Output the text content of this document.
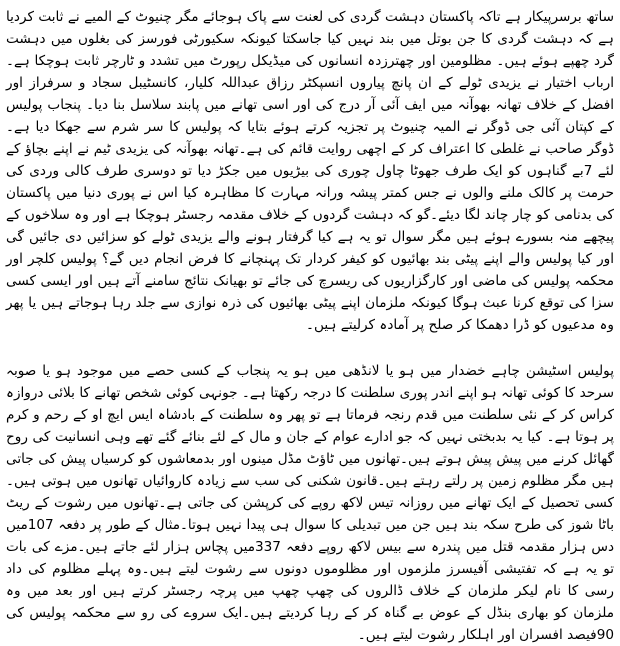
ساتھ برسرپیکار ہے تاکہ پاکستان دہشت گردی کی لعنت سے پاک ہوجائے مگر چنیوٹ کے المیے نے ثابت کردیا ہے کہ دہشت گردی کا جن بوتل میں بند نہیں کیا جاسکتا کیونکہ سکیورٹی فورسز کی بغلوں میں دہشت گرد چھپے ہوئے ہیں۔ مظلومین اور چھترزدہ انسانوں کی میڈیکل رپورٹ میں تشدد و ٹارچر ثابت ہوچکا ہے۔ارباب اختیار نے یزیدی ٹولے کے ان پانچ پیاروں انسپکٹر رزاق عبداللہ کلیار، کانسٹیبل سجاد و سرفراز اور افضل کے خلاف تھانہ بھوآنہ میں ایف آئی آر درج کی اور اسی تھانے میں پابند سلاسل بنا دیا۔ پنجاب پولیس کے کپتان آئی جی ڈوگر نے المیہ چنیوٹ پر تجزیہ کرتے ہوئے بتایا کہ پولیس کا سر شرم سے جھکا دیا ہے۔ ڈوگر صاحب نے غلطی کا اعتراف کر کے اچھی روایت قائم کی ہے۔تھانہ بھوآنہ کی یزیدی ٹیم نے اپنے بچاؤ کے لئے 7بے گناہوں کو ایک طرف جھوٹا چاول چوری کی بیڑیوں میں جکڑ دیا تو دوسری طرف کالی وردی کی حرمت پر کالک ملنے والوں نے جس کمتر پیشہ ورانہ مہارت کا مظاہرہ کیا اس نے پوری دنیا میں پاکستان کی بدنامی کو چار چاند لگا دیئے۔گو کہ دہشت گردوں کے خلاف مقدمہ رجسٹر ہوچکا ہے اور وہ سلاخوں کے پیچھے منہ بسورے ہوئے ہیں مگر سوال تو یہ ہے کیا گرفتار ہونے والے یزیدی ٹولے کو سزائیں دی جائیں گی اور کیا پولیس والے اپنے پیٹی بند بھائیوں کو کیفر کردار تک پہنچانے کا فرض انجام دیں گے؟ پولیس کلچر اور محکمہ پولیس کی ماضی اور کارگزاریوں کی ریسرچ کی جائے تو بھیانک نتائج سامنے آتے ہیں اور ایسی کسی سزا کی توقع کرنا عبث ہوگا کیونکہ ملزمان اپنے پیٹی بھائیوں کی ذرہ نوازی سے جلد رہا ہوجاتے ہیں یا پھر وہ مدعیوں کو ڈرا دھمکا کر صلح پر آمادہ کرلیتے ہیں۔

پولیس اسٹیشن چاہے خضدار میں ہو یا لانڈھی میں ہو یہ پنجاب کے کسی حصے میں موجود ہو یا صوبہ سرحد کا کوئی تھانہ ہو اپنے اندر پوری سلطنت کا درجہ رکھتا ہے۔ جونہی کوئی شخص تھانے کا بلائی دروازہ کراس کر کے نئی سلطنت میں قدم رنجہ فرماتا ہے تو پھر وہ سلطنت کے بادشاہ ایس ایچ او کے رحم و کرم پر ہوتا ہے۔ کیا یہ بدبختی نہیں کہ جو ادارے عوام کے جان و مال کے لئے بنائے گئے تھے وہی انسانیت کی روح گھائل کرنے میں پیش پیش ہوتے ہیں۔تھانوں میں ٹاؤٹ مڈل مینوں اور بدمعاشوں کو کرسیاں پیش کی جاتی ہیں مگر مظلوم زمین پر رلتے رہتے ہیں۔قانون شکنی کی سب سے زیادہ کاروائیاں تھانوں میں ہوتی ہیں۔ کسی تحصیل کے ایک تھانے میں روزانہ تیس لاکھ روپے کی کرپشن کی جاتی ہے۔تھانوں میں رشوت کے ریٹ باٹا شوز کی طرح سکہ بند ہیں جن میں تبدیلی کا سوال ہی پیدا نہیں ہوتا۔مثال کے طور پر دفعہ 107میں دس ہزار مقدمہ قتل میں پندرہ سے بیس لاکھ روپے دفعہ 337میں پچاس ہزار لئے جاتے ہیں۔مزے کی بات تو یہ ہے کہ تفتیشی آفیسرز ملزموں اور مظلوموں دونوں سے رشوت لیتے ہیں۔وہ پہلے مظلوم کی داد رسی کا نام لیکر ملزمان کے خلاف ڈالروں کی چھپ چھپ میں پرچہ رجسٹر کرتے ہیں اور بعد میں وہ ملزمان کو بھاری بنڈل کے عوض بے گناہ کر کے رہا کردیتے ہیں۔ایک سروے کی رو سے محکمہ پولیس کی 90فیصد افسران اور اہلکار رشوت لیتے ہیں۔
